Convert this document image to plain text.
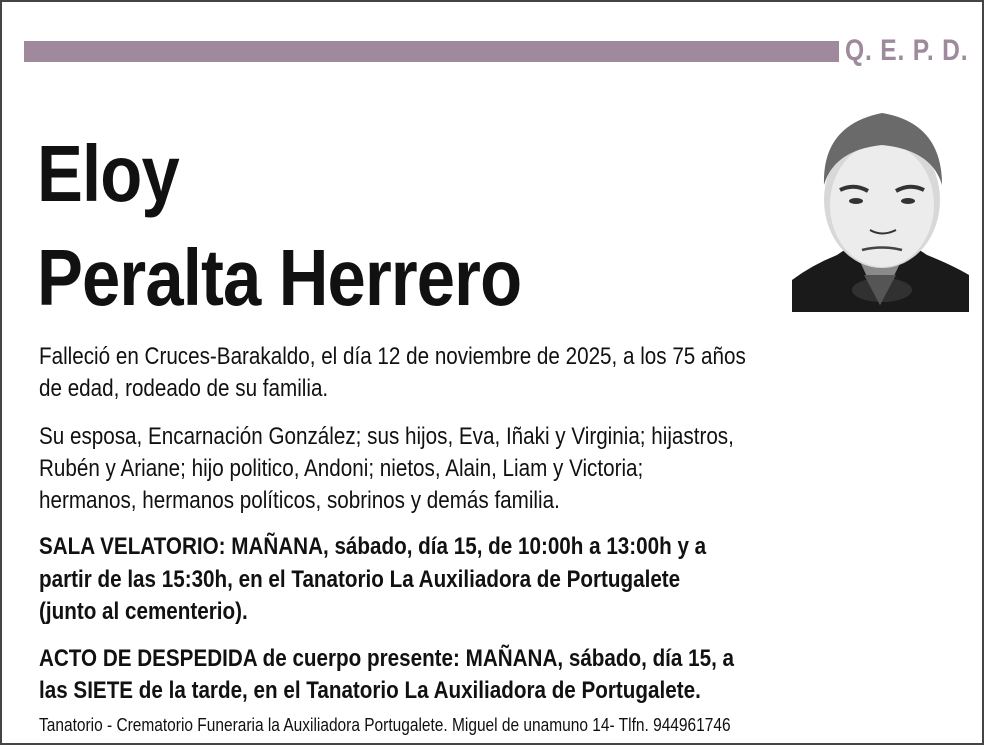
Q. E. P. D.
Eloy
Peralta Herrero
Falleció en Cruces-Barakaldo, el día 12 de noviembre de 2025, a los 75 años
de edad, rodeado de su familia.
Su esposa, Encarnación González; sus hijos, Eva, Iñaki y Virginia; hijastros,
Rubén y Ariane; hijo politico, Andoni; nietos, Alain, Liam y Victoria;
hermanos, hermanos políticos, sobrinos y demás familia.
SALA VELATORIO: MAÑANA, sábado, día 15, de 10:00h a 13:00h y a
partir de las 15:30h, en el Tanatorio La Auxiliadora de Portugalete
(junto al cementerio).
ACTO DE DESPEDIDA de cuerpo presente: MAÑANA, sábado, día 15, a
las SIETE de la tarde, en el Tanatorio La Auxiliadora de Portugalete.
Tanatorio - Crematorio Funeraria la Auxiliadora Portugalete. Miguel de unamuno 14- Tlfn. 944961746
